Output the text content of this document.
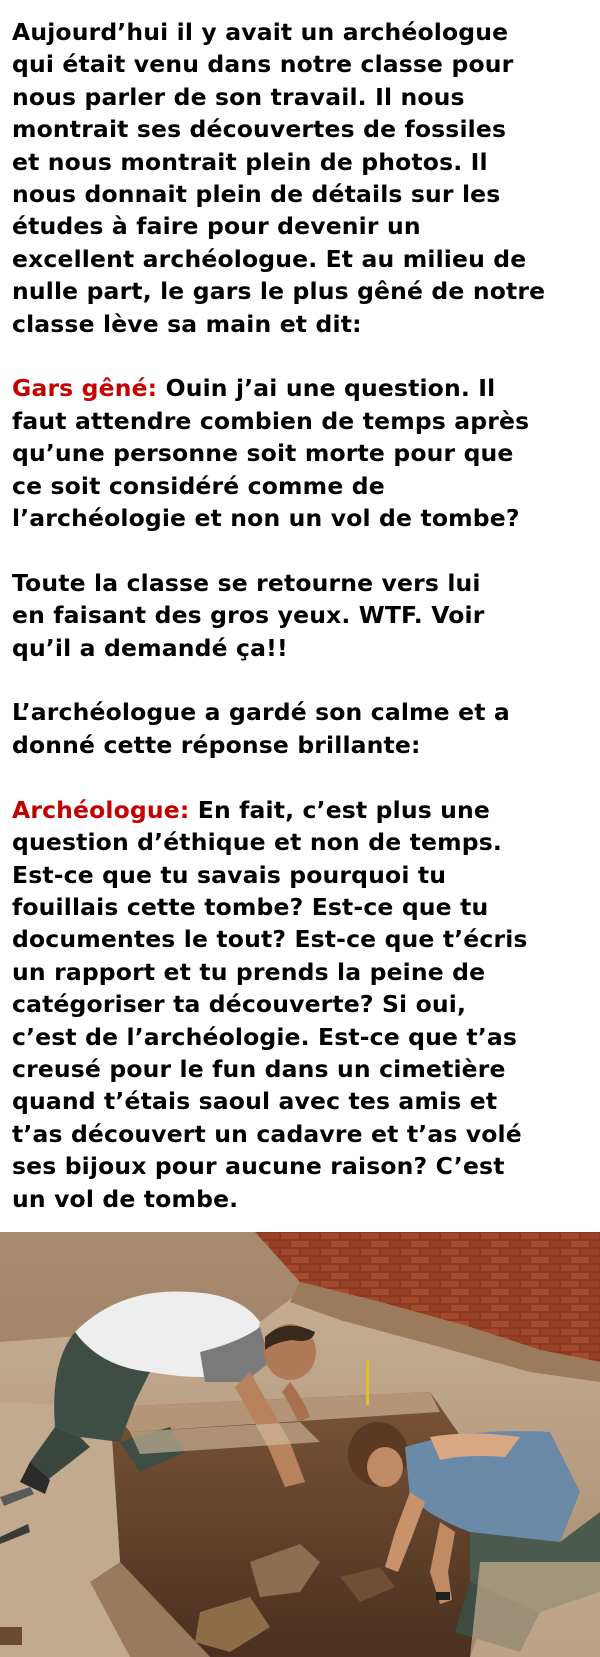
Aujourd’hui il y avait un archéologue
qui était venu dans notre classe pour
nous parler de son travail. Il nous
montrait ses découvertes de fossiles
et nous montrait plein de photos. Il
nous donnait plein de détails sur les
études à faire pour devenir un
excellent archéologue. Et au milieu de
nulle part, le gars le plus gêné de notre
classe lève sa main et dit:

Gars gêné: Ouin j’ai une question. Il
faut attendre combien de temps après
qu’une personne soit morte pour que
ce soit considéré comme de
l’archéologie et non un vol de tombe?

Toute la classe se retourne vers lui
en faisant des gros yeux. WTF. Voir
qu’il a demandé ça!!

L’archéologue a gardé son calme et a
donné cette réponse brillante:

Archéologue: En fait, c’est plus une
question d’éthique et non de temps.
Est-ce que tu savais pourquoi tu
fouillais cette tombe? Est-ce que tu
documentes le tout? Est-ce que t’écris
un rapport et tu prends la peine de
catégoriser ta découverte? Si oui,
c’est de l’archéologie. Est-ce que t’as
creusé pour le fun dans un cimetière
quand t’étais saoul avec tes amis et
t’as découvert un cadavre et t’as volé
ses bijoux pour aucune raison? C’est
un vol de tombe.
